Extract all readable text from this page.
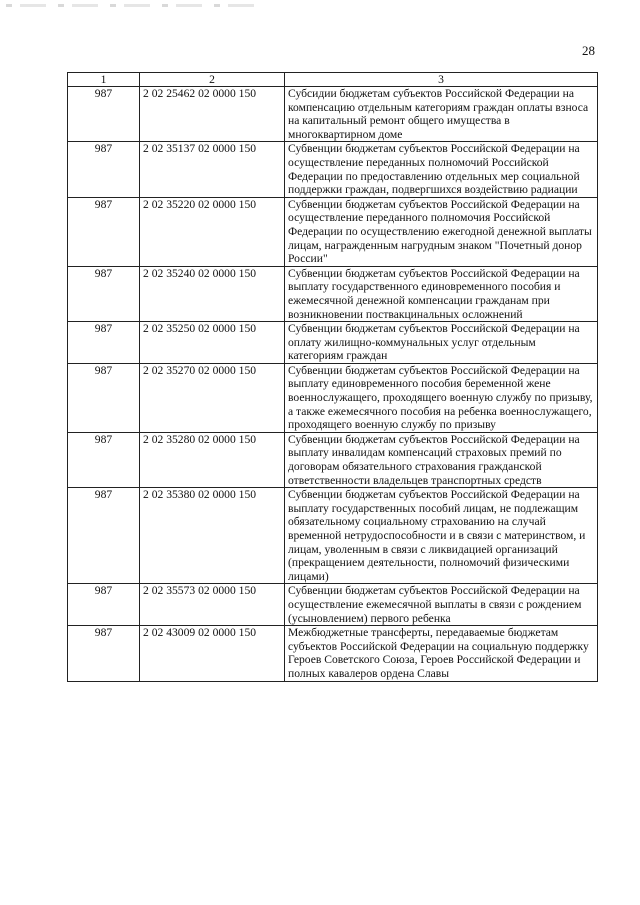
28
1	2	3
987	2 02 25462 02 0000 150	Субсидии бюджетам субъектов Российской Федерации на компенсацию отдельным категориям граждан оплаты взноса на капитальный ремонт общего имущества в многоквартирном доме
987	2 02 35137 02 0000 150	Субвенции бюджетам субъектов Российской Федерации на осуществление переданных полномочий Российской Федерации по предоставлению отдельных мер социальной поддержки граждан, подвергшихся воздействию радиации
987	2 02 35220 02 0000 150	Субвенции бюджетам субъектов Российской Федерации на осуществление переданного полномочия Российской Федерации по осуществлению ежегодной денежной выплаты лицам, награжденным нагрудным знаком "Почетный донор России"
987	2 02 35240 02 0000 150	Субвенции бюджетам субъектов Российской Федерации на выплату государственного единовременного пособия и ежемесячной денежной компенсации гражданам при возникновении поствакцинальных осложнений
987	2 02 35250 02 0000 150	Субвенции бюджетам субъектов Российской Федерации на оплату жилищно-коммунальных услуг отдельным категориям граждан
987	2 02 35270 02 0000 150	Субвенции бюджетам субъектов Российской Федерации на выплату единовременного пособия беременной жене военнослужащего, проходящего военную службу по призыву, а также ежемесячного пособия на ребенка военнослужащего, проходящего военную службу по призыву
987	2 02 35280 02 0000 150	Субвенции бюджетам субъектов Российской Федерации на выплату инвалидам компенсаций страховых премий по договорам обязательного страхования гражданской ответственности владельцев транспортных средств
987	2 02 35380 02 0000 150	Субвенции бюджетам субъектов Российской Федерации на выплату государственных пособий лицам, не подлежащим обязательному социальному страхованию на случай временной нетрудоспособности и в связи с материнством, и лицам, уволенным в связи с ликвидацией организаций (прекращением деятельности, полномочий физическими лицами)
987	2 02 35573 02 0000 150	Субвенции бюджетам субъектов Российской Федерации на осуществление ежемесячной выплаты в связи с рождением (усыновлением) первого ребенка
987	2 02 43009 02 0000 150	Межбюджетные трансферты, передаваемые бюджетам субъектов Российской Федерации на социальную поддержку Героев Советского Союза, Героев Российской Федерации и полных кавалеров ордена Славы
